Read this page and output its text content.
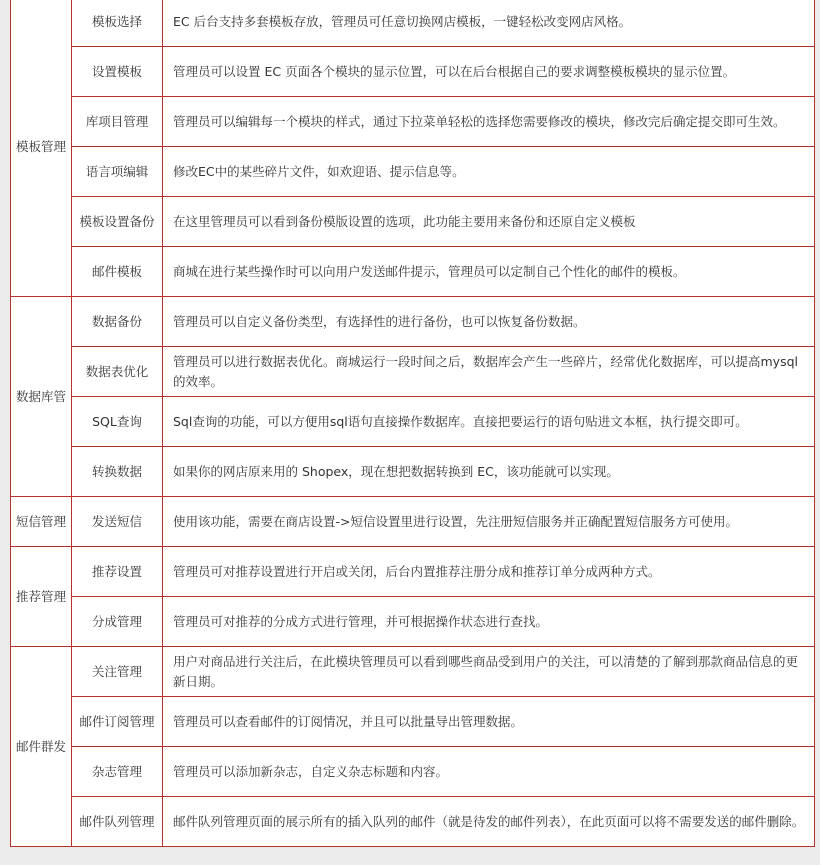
模板管理	模板选择	EC 后台支持多套模板存放，管理员可任意切换网店模板，一键轻松改变网店风格。
	设置模板	管理员可以设置 EC 页面各个模块的显示位置，可以在后台根据自己的要求调整模板模块的显示位置。
	库项目管理	管理员可以编辑每一个模块的样式，通过下拉菜单轻松的选择您需要修改的模块，修改完后确定提交即可生效。
	语言项编辑	修改EC中的某些碎片文件，如欢迎语、提示信息等。
	模板设置备份	在这里管理员可以看到备份模版设置的选项，此功能主要用来备份和还原自定义模板
	邮件模板	商城在进行某些操作时可以向用户发送邮件提示，管理员可以定制自己个性化的邮件的模板。
数据库管	数据备份	管理员可以自定义备份类型，有选择性的进行备份，也可以恢复备份数据。
	数据表优化	管理员可以进行数据表优化。商城运行一段时间之后，数据库会产生一些碎片，经常优化数据库，可以提高mysql的效率。
	SQL查询	Sql查询的功能，可以方便用sql语句直接操作数据库。直接把要运行的语句贴进文本框，执行提交即可。
	转换数据	如果你的网店原来用的 Shopex，现在想把数据转换到 EC，该功能就可以实现。
短信管理	发送短信	使用该功能，需要在商店设置->短信设置里进行设置，先注册短信服务并正确配置短信服务方可使用。
推荐管理	推荐设置	管理员可对推荐设置进行开启或关闭，后台内置推荐注册分成和推荐订单分成两种方式。
	分成管理	管理员可对推荐的分成方式进行管理，并可根据操作状态进行查找。
邮件群发	关注管理	用户对商品进行关注后，在此模块管理员可以看到哪些商品受到用户的关注，可以清楚的了解到那款商品信息的更新日期。
	邮件订阅管理	管理员可以查看邮件的订阅情况，并且可以批量导出管理数据。
	杂志管理	管理员可以添加新杂志，自定义杂志标题和内容。
	邮件队列管理	邮件队列管理页面的展示所有的插入队列的邮件（就是待发的邮件列表），在此页面可以将不需要发送的邮件删除。
